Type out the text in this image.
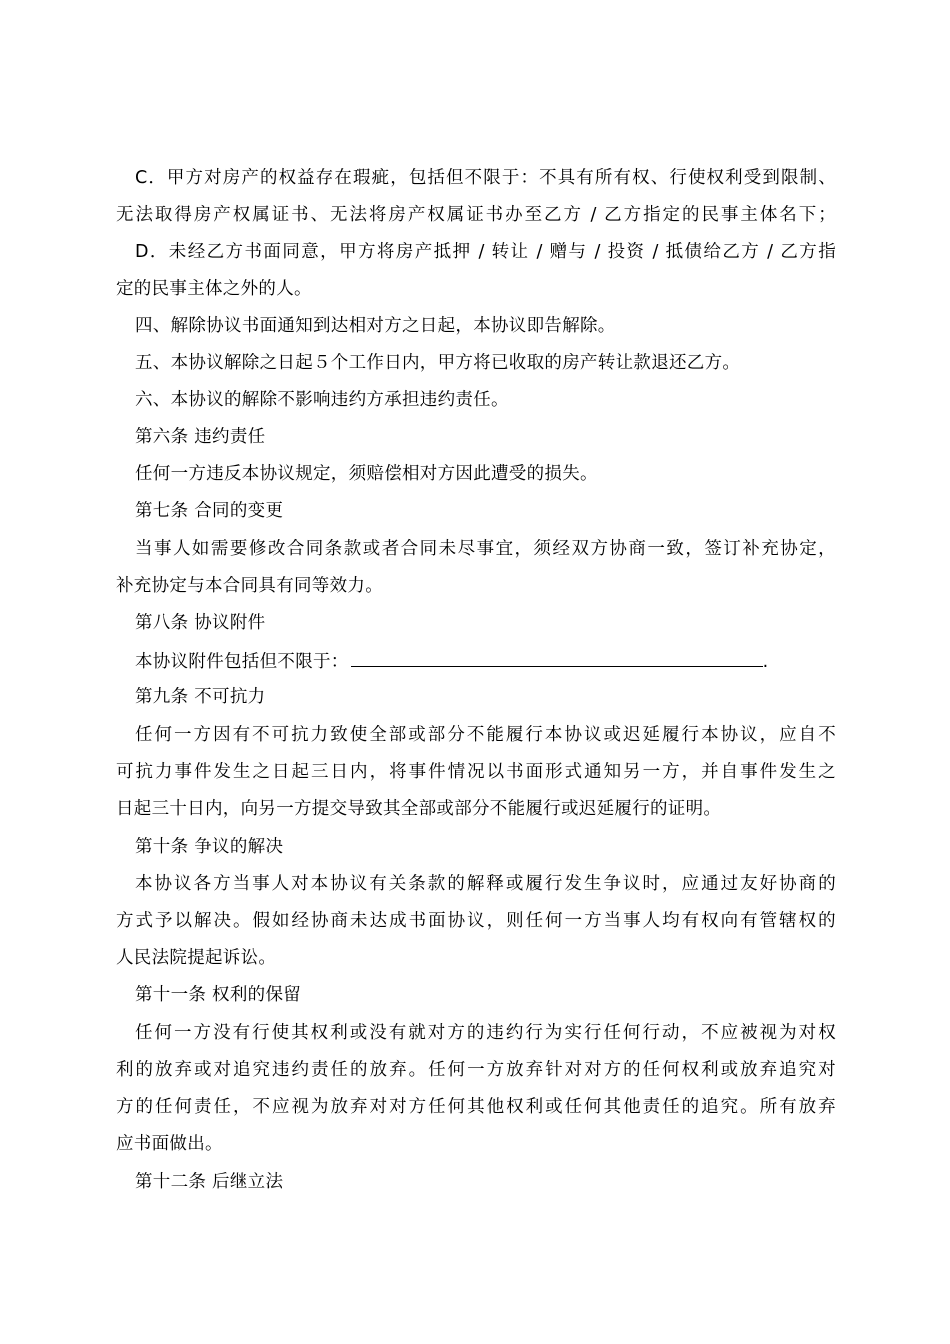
C．甲方对房产的权益存在瑕疵，包括但不限于：不具有所有权、行使权利受到限制、
无法取得房产权属证书、无法将房产权属证书办至乙方 / 乙方指定的民事主体名下；
D．未经乙方书面同意，甲方将房产抵押 / 转让 / 赠与 / 投资 / 抵债给乙方 / 乙方指
定的民事主体之外的人。
四、解除协议书面通知到达相对方之日起，本协议即告解除。
五、本协议解除之日起５个工作日内，甲方将已收取的房产转让款退还乙方。
六、本协议的解除不影响违约方承担违约责任。
第六条 违约责任
任何一方违反本协议规定，须赔偿相对方因此遭受的损失。
第七条 合同的变更
当事人如需要修改合同条款或者合同未尽事宜，须经双方协商一致，签订补充协定，
补充协定与本合同具有同等效力。
第八条 协议附件
本协议附件包括但不限于：	.
第九条 不可抗力
任何一方因有不可抗力致使全部或部分不能履行本协议或迟延履行本协议，应自不
可抗力事件发生之日起三日内，将事件情况以书面形式通知另一方，并自事件发生之
日起三十日内，向另一方提交导致其全部或部分不能履行或迟延履行的证明。
第十条 争议的解决
本协议各方当事人对本协议有关条款的解释或履行发生争议时，应通过友好协商的
方式予以解决。假如经协商未达成书面协议，则任何一方当事人均有权向有管辖权的
人民法院提起诉讼。
第十一条 权利的保留
任何一方没有行使其权利或没有就对方的违约行为实行任何行动，不应被视为对权
利的放弃或对追究违约责任的放弃。任何一方放弃针对对方的任何权利或放弃追究对
方的任何责任，不应视为放弃对对方任何其他权利或任何其他责任的追究。所有放弃
应书面做出。
第十二条 后继立法
